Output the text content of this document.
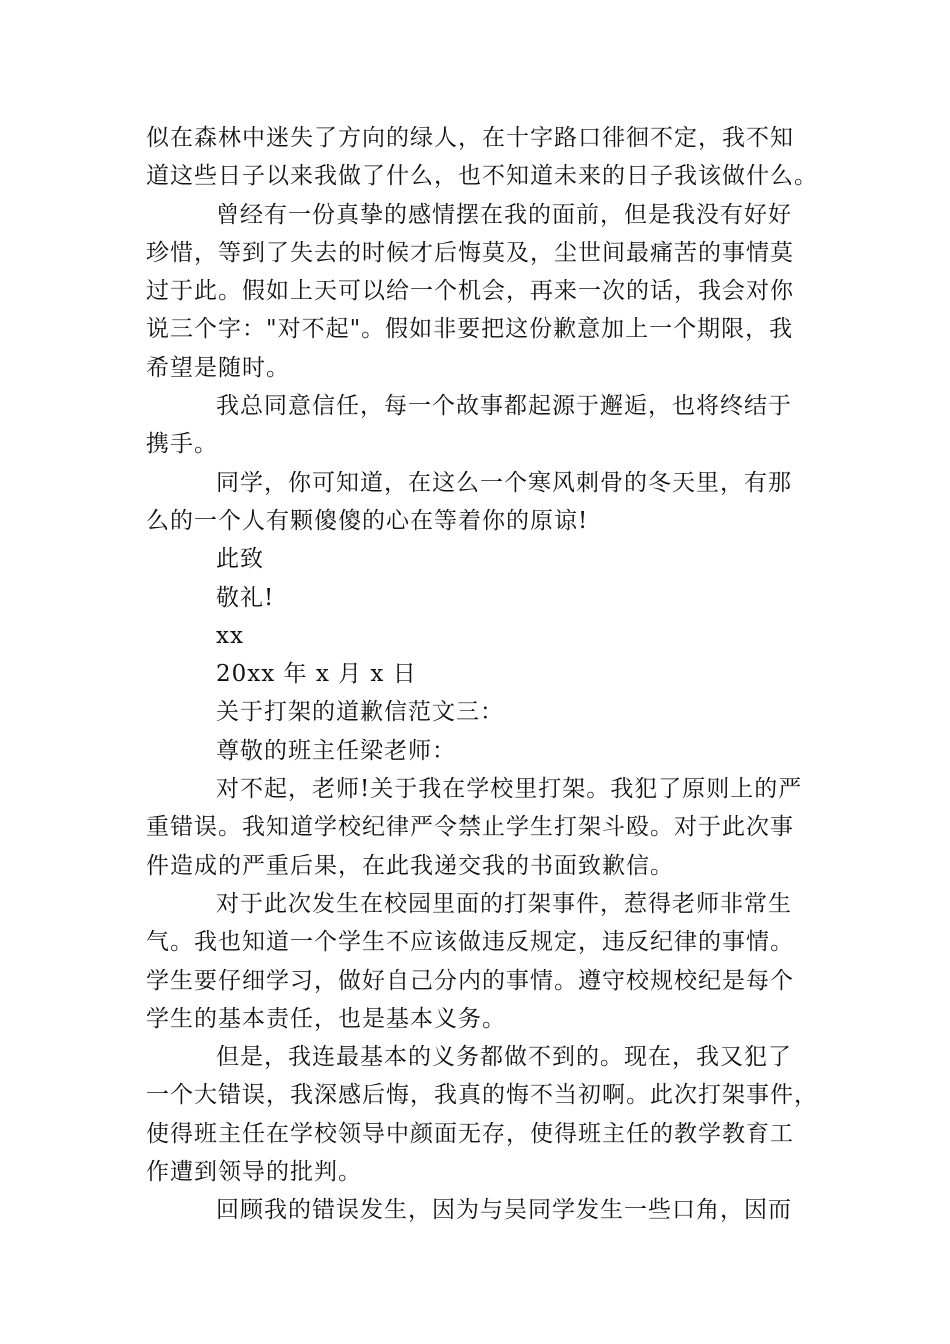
似在森林中迷失了方向的绿人，在十字路口徘徊不定，我不知
道这些日子以来我做了什么，也不知道未来的日子我该做什么。
曾经有一份真挚的感情摆在我的面前，但是我没有好好
珍惜，等到了失去的时候才后悔莫及，尘世间最痛苦的事情莫
过于此。假如上天可以给一个机会，再来一次的话，我会对你
说三个字："对不起"。假如非要把这份歉意加上一个期限，我
希望是随时。
我总同意信任，每一个故事都起源于邂逅，也将终结于
携手。
同学，你可知道，在这么一个寒风刺骨的冬天里，有那
么的一个人有颗傻傻的心在等着你的原谅!
此致
敬礼!
xx
20xx 年 x 月 x 日
关于打架的道歉信范文三：
尊敬的班主任梁老师：
对不起，老师!关于我在学校里打架。我犯了原则上的严
重错误。我知道学校纪律严令禁止学生打架斗殴。对于此次事
件造成的严重后果，在此我递交我的书面致歉信。
对于此次发生在校园里面的打架事件，惹得老师非常生
气。我也知道一个学生不应该做违反规定，违反纪律的事情。
学生要仔细学习，做好自己分内的事情。遵守校规校纪是每个
学生的基本责任，也是基本义务。
但是，我连最基本的义务都做不到的。现在，我又犯了
一个大错误，我深感后悔，我真的悔不当初啊。此次打架事件，
使得班主任在学校领导中颜面无存，使得班主任的教学教育工
作遭到领导的批判。
回顾我的错误发生，因为与吴同学发生一些口角，因而
